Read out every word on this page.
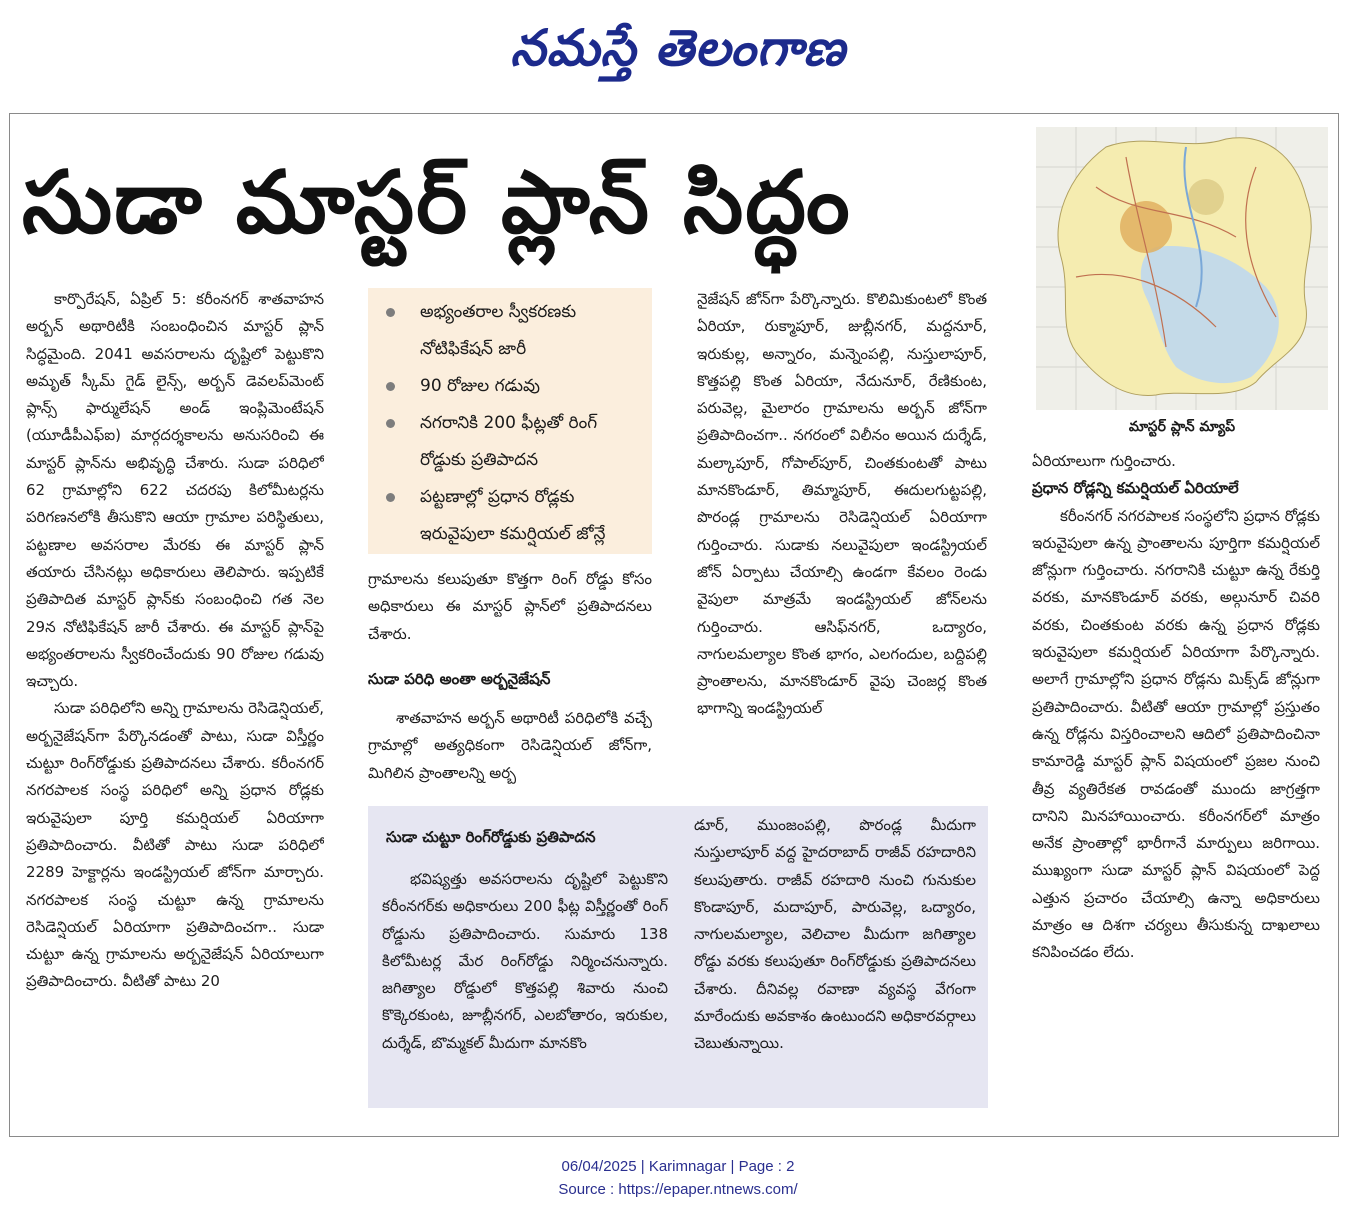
నమస్తే తెలంగాణ
సుడా మాస్టర్ ప్లాన్ సిద్ధం

కార్పొరేషన్, ఏప్రిల్ 5: కరీంనగర్ శాతవాహన అర్బన్ అథారిటీకి సంబంధించిన మాస్టర్ ప్లాన్ సిద్ధమైంది. 2041 అవసరాలను దృష్టిలో పెట్టుకొని అమృత్ స్కీమ్ గైడ్ లైన్స్, అర్బన్ డెవలప్‌మెంట్ ప్లాన్స్ ఫార్ములేషన్ అండ్ ఇంప్లిమెంటేషన్ (యూడీపీఎఫ్ఐ) మార్గదర్శకాలను అనుసరించి ఈ మాస్టర్ ప్లాన్‌ను అభివృద్ధి చేశారు. సుడా పరిధిలో 62 గ్రామాల్లోని 622 చదరపు కిలోమీటర్లను పరిగణనలోకి తీసుకొని ఆయా గ్రామాల పరిస్థితులు, పట్టణాల అవసరాల మేరకు ఈ మాస్టర్ ప్లాన్ తయారు చేసినట్లు అధికారులు తెలిపారు. ఇప్పటికే ప్రతిపాదిత మాస్టర్ ప్లాన్‌కు సంబంధించి గత నెల 29న నోటిఫికేషన్ జారీ చేశారు. ఈ మాస్టర్ ప్లాన్‌పై అభ్యంతరాలను స్వీకరించేందుకు 90 రోజుల గడువు ఇచ్చారు.

సుడా పరిధిలోని అన్ని గ్రామాలను రెసిడెన్షియల్, అర్బనైజేషన్‌గా పేర్కొనడంతో పాటు, సుడా విస్తీర్ణం చుట్టూ రింగ్‌రోడ్డుకు ప్రతిపాదనలు చేశారు. కరీంనగర్ నగరపాలక సంస్థ పరిధిలో అన్ని ప్రధాన రోడ్లకు ఇరువైపులా పూర్తి కమర్షియల్ ఏరియాగా ప్రతిపాదించారు. వీటితో పాటు సుడా పరిధిలో 2289 హెక్టార్లను ఇండస్ట్రియల్ జోన్‌గా మార్చారు. నగరపాలక సంస్థ చుట్టూ ఉన్న గ్రామాలను రెసిడెన్షియల్ ఏరియాగా ప్రతిపాదించగా.. సుడా చుట్టూ ఉన్న గ్రామాలను అర్బనైజేషన్ ఏరియాలుగా ప్రతిపాదించారు. వీటితో పాటు 20

అభ్యంతరాల స్వీకరణకు నోటిఫికేషన్ జారీ
90 రోజుల గడువు
నగరానికి 200 ఫీట్లతో రింగ్ రోడ్డుకు ప్రతిపాదన
పట్టణాల్లో ప్రధాన రోడ్లకు ఇరువైపులా కమర్షియల్ జోన్లే

గ్రామాలను కలుపుతూ కొత్తగా రింగ్ రోడ్డు కోసం అధికారులు ఈ మాస్టర్ ప్లాన్‌లో ప్రతిపాదనలు చేశారు.

సుడా పరిధి అంతా అర్బనైజేషన్

శాతవాహన అర్బన్ అథారిటీ పరిధిలోకి వచ్చే గ్రామాల్లో అత్యధికంగా రెసిడెన్షియల్ జోన్‌గా, మిగిలిన ప్రాంతాలన్ని అర్బ

నైజేషన్ జోన్‌గా పేర్కొన్నారు. కొలిమికుంటలో కొంత ఏరియా, రుక్మాపూర్, జుబ్లీనగర్, మద్దనూర్, ఇరుకుల్ల, అన్నారం, మన్నెంపల్లి, నుస్తులాపూర్, కొత్తపల్లి కొంత ఏరియా, నేదునూర్, రేణికుంట, పరువెల్ల, మైలారం గ్రామాలను అర్బన్ జోన్‌గా ప్రతిపాదించగా.. నగరంలో విలీనం అయిన దుర్శేడ్, మల్కాపూర్, గోపాల్‌పూర్, చింతకుంటతో పాటు మానకొండూర్, తిమ్మాపూర్, ఈదులగుట్టపల్లి, పొరండ్ల గ్రామాలను రెసిడెన్షియల్ ఏరియాగా గుర్తించారు. సుడాకు నలువైపులా ఇండస్ట్రియల్ జోన్ ఏర్పాటు చేయాల్సి ఉండగా కేవలం రెండు వైపులా మాత్రమే ఇండస్ట్రియల్ జోన్‌లను గుర్తించారు. ఆసిఫ్‌నగర్, ఒద్యారం, నాగులమల్యాల కొంత భాగం, ఎలగందుల, బద్దిపల్లి ప్రాంతాలను, మానకొండూర్ వైపు చెంజర్ల కొంత భాగాన్ని ఇండస్ట్రియల్

మాస్టర్ ప్లాన్ మ్యాప్

ఏరియాలుగా గుర్తించారు.

ప్రధాన రోడ్లన్ని కమర్షియల్ ఏరియాలే

కరీంనగర్ నగరపాలక సంస్థలోని ప్రధాన రోడ్లకు ఇరువైపులా ఉన్న ప్రాంతాలను పూర్తిగా కమర్షియల్ జోన్లుగా గుర్తించారు. నగరానికి చుట్టూ ఉన్న రేకుర్తి వరకు, మానకొండూర్ వరకు, అల్గునూర్ చివరి వరకు, చింతకుంట వరకు ఉన్న ప్రధాన రోడ్లకు ఇరువైపులా కమర్షియల్ ఏరియాగా పేర్కొన్నారు. అలాగే గ్రామాల్లోని ప్రధాన రోడ్లను మిక్స్‌డ్ జోన్లుగా ప్రతిపాదించారు. వీటితో ఆయా గ్రామాల్లో ప్రస్తుతం ఉన్న రోడ్లను విస్తరించాలని ఆదిలో ప్రతిపాదించినా కామారెడ్డి మాస్టర్ ప్లాన్ విషయంలో ప్రజల నుంచి తీవ్ర వ్యతిరేకత రావడంతో ముందు జాగ్రత్తగా దానిని మినహాయించారు. కరీంనగర్‌లో మాత్రం అనేక ప్రాంతాల్లో భారీగానే మార్పులు జరిగాయి. ముఖ్యంగా సుడా మాస్టర్ ప్లాన్ విషయంలో పెద్ద ఎత్తున ప్రచారం చేయాల్సి ఉన్నా అధికారులు మాత్రం ఆ దిశగా చర్యలు తీసుకున్న దాఖలాలు కనిపించడం లేదు.

సుడా చుట్టూ రింగ్‌రోడ్డుకు ప్రతిపాదన

భవిష్యత్తు అవసరాలను దృష్టిలో పెట్టుకొని కరీంనగర్‌కు అధికారులు 200 ఫీట్ల విస్తీర్ణంతో రింగ్ రోడ్డును ప్రతిపాదించారు. సుమారు 138 కిలోమీటర్ల మేర రింగ్‌రోడ్డు నిర్మించనున్నారు. జగిత్యాల రోడ్డులో కొత్తపల్లి శివారు నుంచి కొక్కెరకుంట, జూబ్లీనగర్, ఎలబోతారం, ఇరుకుల, దుర్శేడ్, బొమ్మకల్ మీదుగా మానకొం

డూర్, ముంజంపల్లి, పొరండ్ల మీదుగా నుస్తులాపూర్ వద్ద హైదరాబాద్ రాజీవ్ రహదారిని కలుపుతారు. రాజీవ్ రహదారి నుంచి గునుకుల కొండాపూర్, మదాపూర్, పారువెల్ల, ఒద్యారం, నాగులమల్యాల, వెలిచాల మీదుగా జగిత్యాల రోడ్డు వరకు కలుపుతూ రింగ్‌రోడ్డుకు ప్రతిపాదనలు చేశారు. దీనివల్ల రవాణా వ్యవస్థ వేగంగా మారేందుకు అవకాశం ఉంటుందని అధికారవర్గాలు చెబుతున్నాయి.

06/04/2025 | Karimnagar | Page : 2
Source : https://epaper.ntnews.com/
